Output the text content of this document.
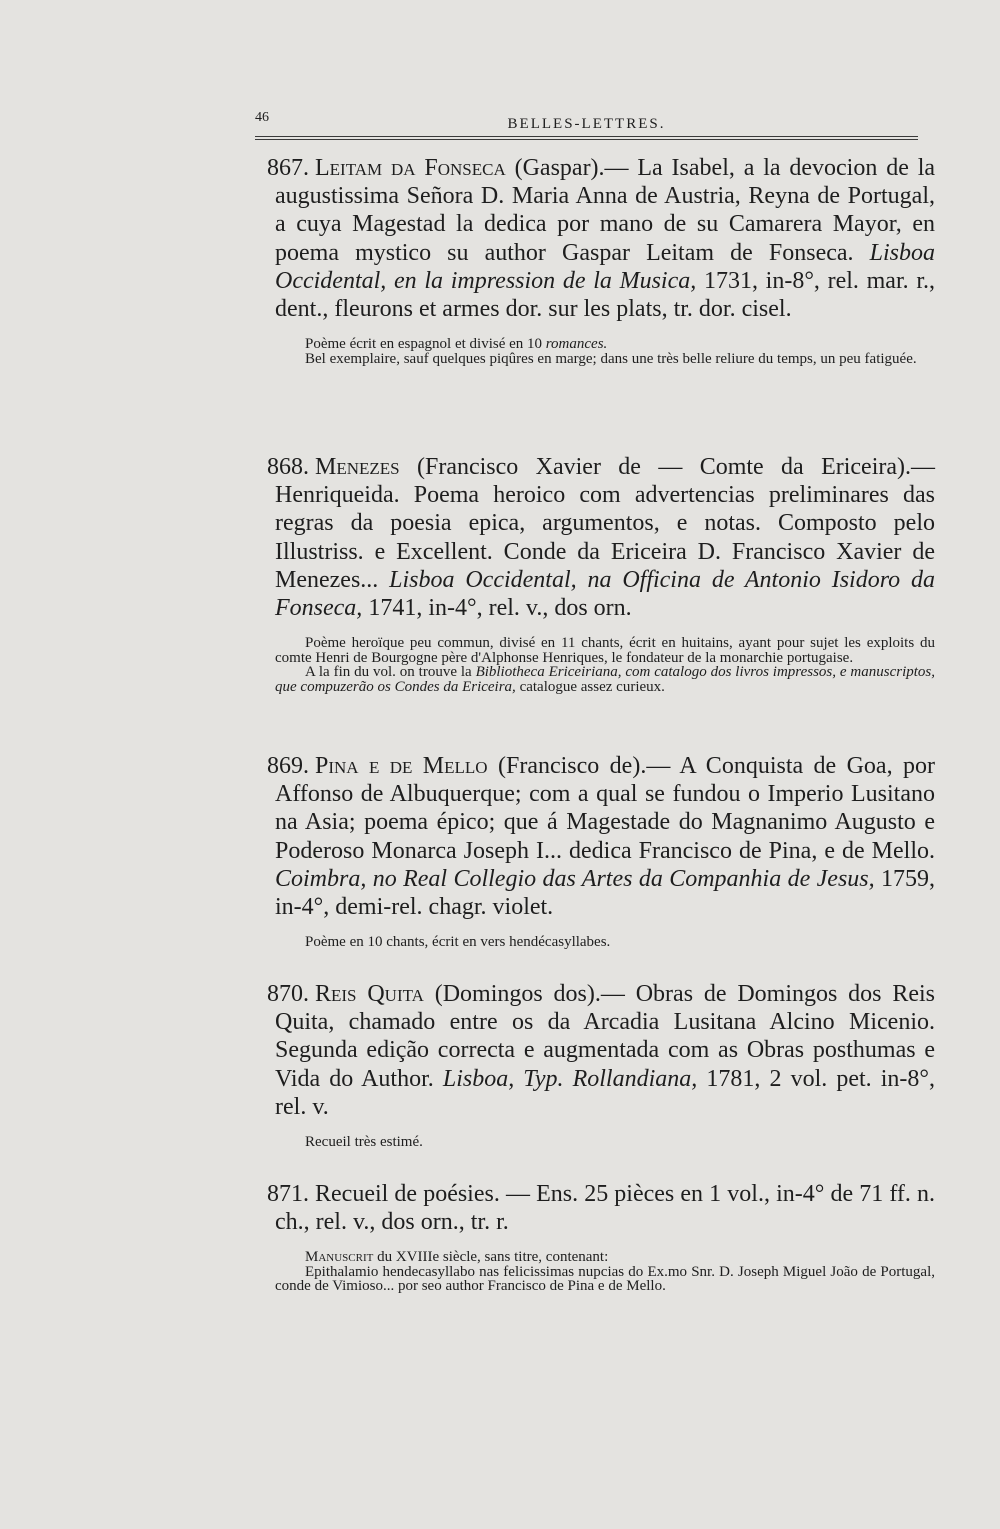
46	BELLES-LETTRES.

867. Leitam da Fonseca (Gaspar).— La Isabel, a la devocion de la augustissima Señora D. Maria Anna de Austria, Reyna de Portugal, a cuya Magestad la dedica por mano de su Camarera Mayor, en poema mystico su author Gaspar Leitam de Fonseca. Lisboa Occidental, en la impression de la Musica, 1731, in-8°, rel. mar. r., dent., fleurons et armes dor. sur les plats, tr. dor. cisel.

Poème écrit en espagnol et divisé en 10 romances.

Bel exemplaire, sauf quelques piqûres en marge; dans une très belle reliure du temps, un peu fatiguée.

868. Menezes (Francisco Xavier de — Comte da Ericeira).— Henriqueida. Poema heroico com advertencias preliminares das regras da poesia epica, argumentos, e notas. Composto pelo Illustriss. e Excellent. Conde da Ericeira D. Francisco Xavier de Menezes... Lisboa Occidental, na Officina de Antonio Isidoro da Fonseca, 1741, in-4°, rel. v., dos orn.

Poème heroïque peu commun, divisé en 11 chants, écrit en huitains, ayant pour sujet les exploits du comte Henri de Bourgogne père d'Alphonse Henriques, le fondateur de la monarchie portugaise.

A la fin du vol. on trouve la Bibliotheca Ericeiriana, com catalogo dos livros impressos, e manuscriptos, que compuzerão os Condes da Ericeira, catalogue assez curieux.

869. Pina e de Mello (Francisco de).— A Conquista de Goa, por Affonso de Albuquerque; com a qual se fundou o Imperio Lusitano na Asia; poema épico; que á Magestade do Magnanimo Augusto e Poderoso Monarca Joseph I... dedica Francisco de Pina, e de Mello. Coimbra, no Real Collegio das Artes da Companhia de Jesus, 1759, in-4°, demi-rel. chagr. violet.

Poème en 10 chants, écrit en vers hendécasyllabes.

870. Reis Quita (Domingos dos).— Obras de Domingos dos Reis Quita, chamado entre os da Arcadia Lusitana Alcino Micenio. Segunda edição correcta e augmentada com as Obras posthumas e Vida do Author. Lisboa, Typ. Rollandiana, 1781, 2 vol. pet. in-8°, rel. v.

Recueil très estimé.

871. Recueil de poésies. — Ens. 25 pièces en 1 vol., in-4° de 71 ff. n. ch., rel. v., dos orn., tr. r.

Manuscrit du XVIIIe siècle, sans titre, contenant:

Epithalamio hendecasyllabo nas felicissimas nupcias do Ex.mo Snr. D. Joseph Miguel João de Portugal, conde de Vimioso... por seo author Francisco de Pina e de Mello.
